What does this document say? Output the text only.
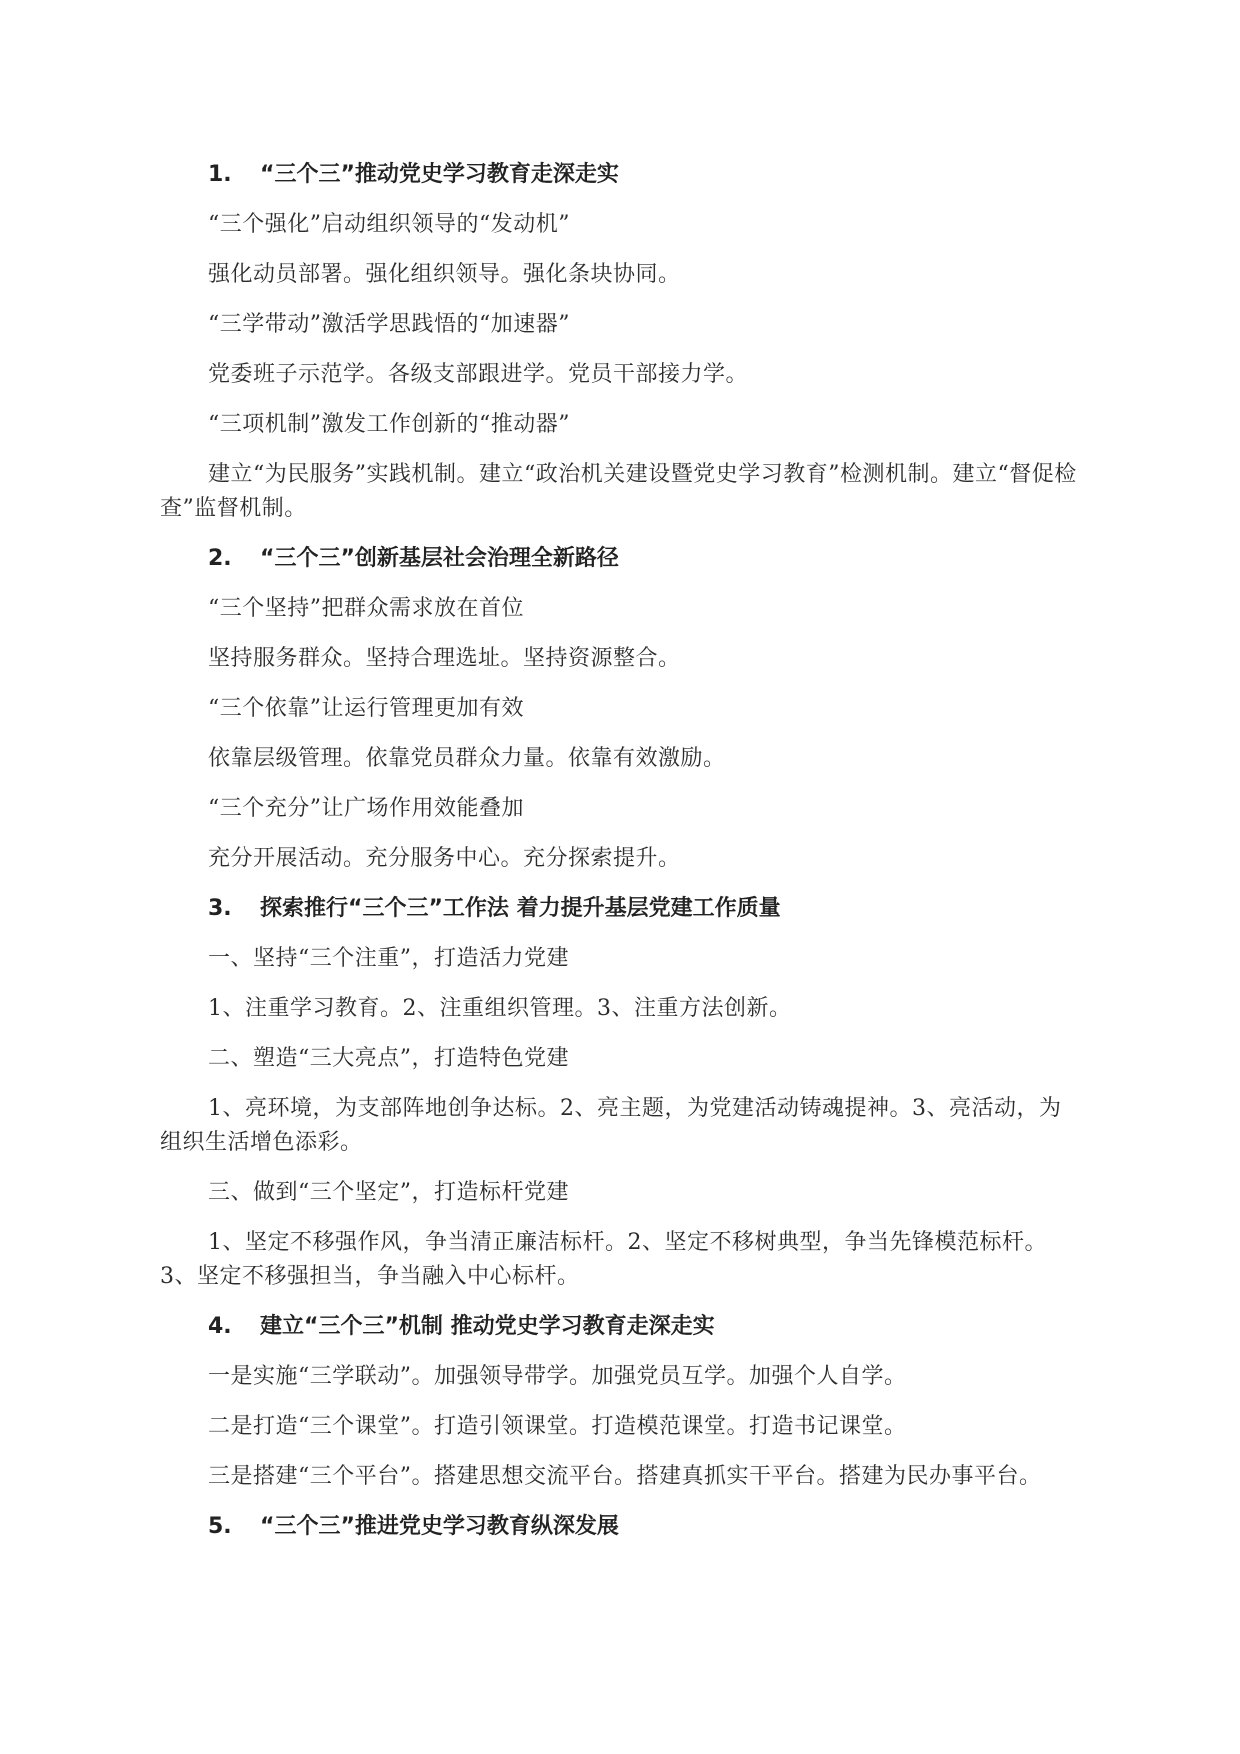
1. “三个三”推动党史学习教育走深走实

“三个强化”启动组织领导的“发动机”

强化动员部署。强化组织领导。强化条块协同。

“三学带动”激活学思践悟的“加速器”

党委班子示范学。各级支部跟进学。党员干部接力学。

“三项机制”激发工作创新的“推动器”

建立“为民服务”实践机制。建立“政治机关建设暨党史学习教育”检测机制。建立“督促检查”监督机制。

2. “三个三”创新基层社会治理全新路径

“三个坚持”把群众需求放在首位

坚持服务群众。坚持合理选址。坚持资源整合。

“三个依靠”让运行管理更加有效

依靠层级管理。依靠党员群众力量。依靠有效激励。

“三个充分”让广场作用效能叠加

充分开展活动。充分服务中心。充分探索提升。

3. 探索推行“三个三”工作法 着力提升基层党建工作质量

一、坚持“三个注重”，打造活力党建

1、注重学习教育。2、注重组织管理。3、注重方法创新。

二、塑造“三大亮点”，打造特色党建

1、亮环境，为支部阵地创争达标。2、亮主题，为党建活动铸魂提神。3、亮活动，为组织生活增色添彩。

三、做到“三个坚定”，打造标杆党建

1、坚定不移强作风，争当清正廉洁标杆。2、坚定不移树典型，争当先锋模范标杆。3、坚定不移强担当，争当融入中心标杆。

4. 建立“三个三”机制 推动党史学习教育走深走实

一是实施“三学联动”。加强领导带学。加强党员互学。加强个人自学。

二是打造“三个课堂”。打造引领课堂。打造模范课堂。打造书记课堂。

三是搭建“三个平台”。搭建思想交流平台。搭建真抓实干平台。搭建为民办事平台。

5. “三个三”推进党史学习教育纵深发展
